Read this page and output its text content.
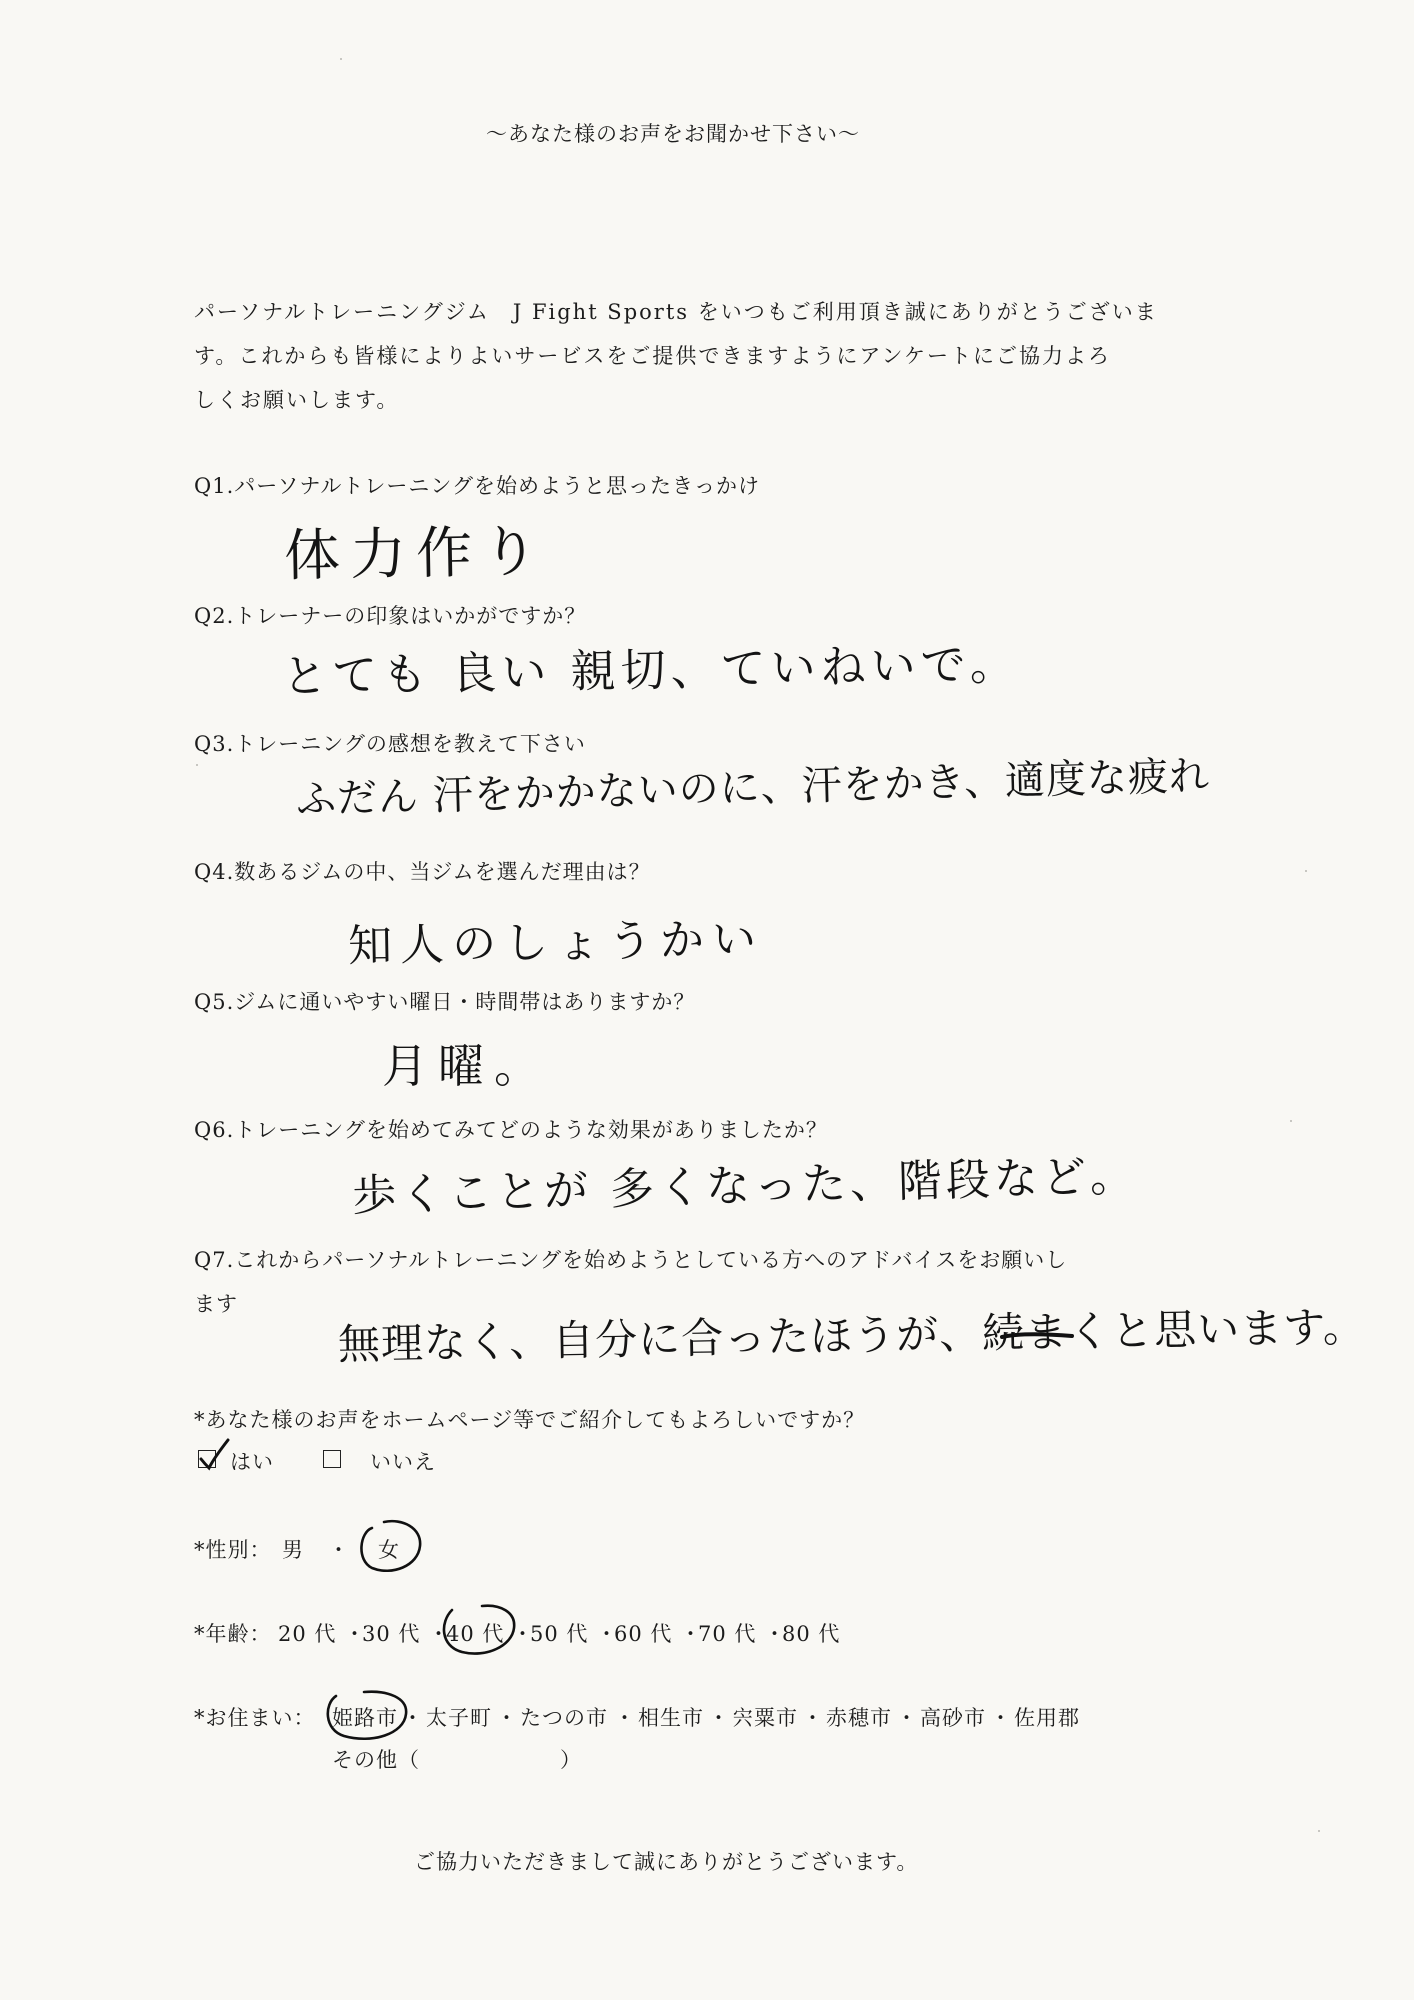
〜あなた様のお声をお聞かせ下さい〜
パーソナルトレーニングジム　J Fight Sports をいつもご利用頂き誠にありがとうございま
す。これからも皆様によりよいサービスをご提供できますようにアンケートにご協力よろ
しくお願いします。
Q1.パーソナルトレーニングを始めようと思ったきっかけ
体力作り
Q2.トレーナーの印象はいかがですか？
とても 良い 親切、ていねいで。
Q3.トレーニングの感想を教えて下さい
ふだん 汗をかかないのに、汗をかき、適度な疲れ
Q4.数あるジムの中、当ジムを選んだ理由は？
知人のしょうかい
Q5.ジムに通いやすい曜日・時間帯はありますか？
月曜。
Q6.トレーニングを始めてみてどのような効果がありましたか？
歩くことが 多くなった、階段など。
Q7.これからパーソナルトレーニングを始めようとしている方へのアドバイスをお願いし
ます 無理なく、自分に合ったほうが、続まくと思います。
*あなた様のお声をホームページ等でご紹介してもよろしいですか？
はい	いいえ
*性別： 男 ・ 女
*年齢： 20 代 ・
30 代 ・
40 代 ・
50 代 ・
60 代 ・
70 代 ・
80 代
*お住まい： 姫路市 ・ 太子町 ・ たつの市 ・ 相生市 ・ 宍粟市 ・ 赤穂市 ・ 高砂市 ・ 佐用郡
その他（	）
ご協力いただきまして誠にありがとうございます。
